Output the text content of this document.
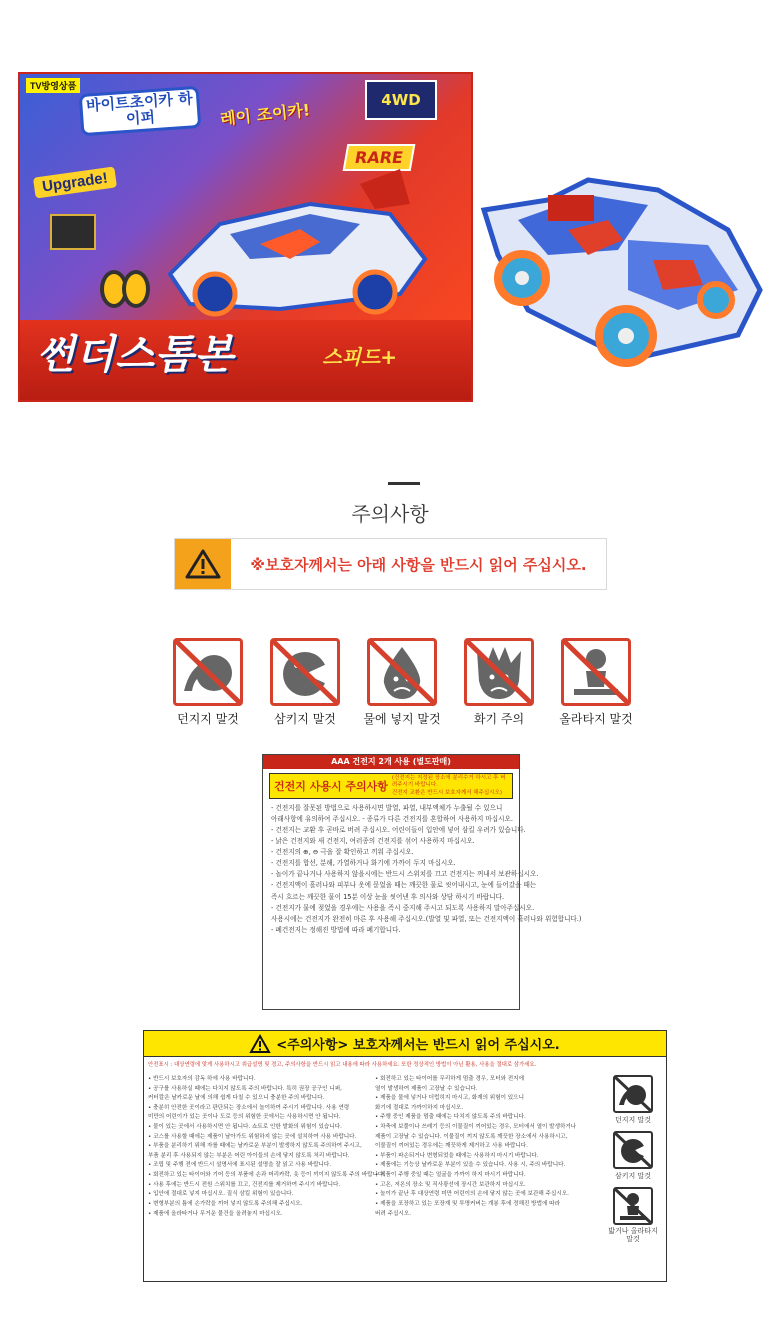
TV방영상품
바이트초이카 하이퍼	레이 조이카!
4WD
RARE
Upgrade!
썬더스톰본	스피드+
주의사항
※보호자께서는 아래 사항을 반드시 읽어 주십시오.
던지지 말것	삼키지 말것	물에 넣지 말것	화기 주의	올라타지 말것
AAA 건전지 2개 사용 (별도판매)
건전지 사용시 주의사항
(건전지는 지정된 장소에 분리수거 하시고 후 버려주시기 바랍니다.
건전지 교환은 반드시 보호자께서 해주십시오)
- 건전지를 잘못된 방법으로 사용하시면 발열, 파열, 내부액체가 누출될 수 있으니
아래사항에 유의하여 주십시오. - 종류가 다른 건전지를 혼합하여 사용하지 마십시오.
- 건전지는 교환 후 곧바로 버려 주십시오. 어린이들이 입안에 넣어 삼킬 우려가 있습니다.
- 낡은 건전지와 새 건전지, 여러종의 건전지를 섞어 사용하지 마십시오.
- 건전지의 ⊕, ⊖ 극을 잘 확인하고 끼워 주십시오.
- 건전지를 합선, 분해, 가열하거나 화기에 가까이 두지 마십시오.
- 놀이가 끝나거나 사용하지 않을시에는 반드시 스위치를 끄고 건전지는 꺼내서 보관하십시오.
- 건전지액이 흘러나와 피부나 옷에 묻었을 때는 깨끗한 물로 씻어내시고, 눈에 들어갔을 때는
즉시 흐르는 깨끗한 물이 15분 이상 눈을 씻어낸 후 의사와 상담 하시기 바랍니다.
- 건전지가 물에 젖었을 경우에는 사용을 즉시 중지해 주시고 되도록 사용하지 말아주십시오.
사용시에는 건전지가 완전히 마른 후 사용해 주십시오.(발열 및 파열, 또는 건전지액이 흘러나와 위험합니다.)
- 폐건전지는 정해진 방법에 따라 폐기합니다.
<주의사항> 보호자께서는 반드시 읽어 주십시오.
안전표시 : 대상연령에 맞게 사용하시고 취급설명 및 경고, 주의사항을 반드시 읽고 내용에 따라 사용하세요. 또한 정상적인 방법이 아닌 활용, 사용을 절대로 삼가세요.
• 반드시 보호자의 감독 하에 사용 바랍니다.
• 공구를 사용하실 때에는 다치지 않도록 주의 바랍니다. 특히 권장 공구인 니퍼,
커터칼은 날카로운 날에 의해 쉽게 다칠 수 있으니 충분한 주의 바랍니다.
• 충분히 안전한 곳이라고 판단되는 장소에서 놀이하여 주시기 바랍니다. 사용 연령
미만의 어린이가 있는 곳이나 도로 등의 위험한 곳에서는 사용하시면 안 됩니다.
• 물이 있는 곳에서 사용하시면 안 됩니다. 쇼트로 인한 발화의 위험이 있습니다.
• 코스를 사용할 때에는 제품이 날아가도 위험하지 않는 곳에 설치하여 사용 바랍니다.
• 부품을 분리하기 위해 자를 때에는 날카로운 부분이 발생하지 않도록 주의하여 주시고,
부품 분리 후 사용되지 않는 부분은 어린 아이들의 손에 닿지 않도록 처리 바랍니다.
• 조립 및 주행 전에 반드시 설명서에 표시된 설명을 잘 읽고 사용 바랍니다.
• 회전하고 있는 타이어와 기어 등의 부품에 손과 머리카락, 옷 등이 끼이지 않도록 주의 바랍니다.
• 사용 후에는 반드시 전원 스위치를 끄고, 건전지를 제거하여 주시기 바랍니다.
• 입안에 절대로 넣지 마십시오. 질식 삼킬 위험이 있습니다.
• 변형부분의 틈에 손가락을 끼어 넣지 않도록 주의해 주십시오.
• 제품에 올라타거나 무거운 물건을 올려놓지 마십시오.
• 회전하고 있는 타이어를 무리하게 멈출 경우, 모터와 전지에
열이 발생하여 제품이 고장날 수 있습니다.
• 제품을 물에 넣거나 더럽히지 마시고, 화재의 위험이 있으니
화기에 절대로 가까이하지 마십시오.
• 주행 중인 제품을 멈출 때에는 다치지 않도록 주의 바랍니다.
• 차축에 보풀이나 쓰레기 등의 이물질이 끼어있는 경우, 모터에서 열이 발생하거나
제품이 고장날 수 있습니다. 이물질이 끼지 않도록 깨끗한 장소에서 사용하시고,
이물질이 끼어있는 경우에는 깨끗하게 제거하고 사용 바랍니다.
• 부품이 파손되거나 변형되었을 때에는 사용하지 마시기 바랍니다.
• 제품에는 기능상 날카로운 부분이 있을 수 있습니다. 사용 시, 주의 바랍니다.
• 제품이 주행 중일 때는 얼굴을 가까이 하지 마시기 바랍니다.
• 고온, 저온의 장소 및 직사광선에 장시간 보관하지 마십시오.
• 놀이가 끝난 후 대상연령 미만 어린이의 손에 닿지 않는 곳에 보관해 주십시오.
• 제품을 포장하고 있는 포장재 및 투명커버는 개봉 후에 정해진 방법에 따라
버려 주십시오.
던지지 말것
삼키지 말것
밟거나 올라타지 말것
